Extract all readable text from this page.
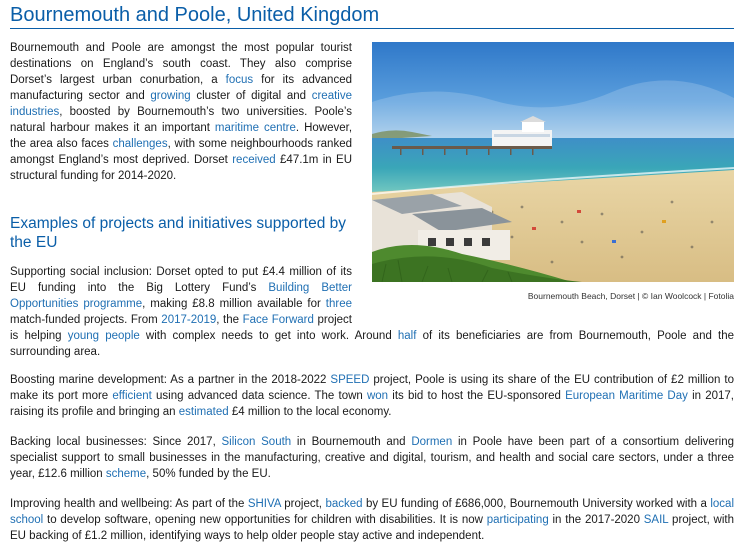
Bournemouth and Poole, United Kingdom

Bournemouth and Poole are amongst the most popular tourist destinations on England’s south coast. They also comprise Dorset’s largest urban conurbation, a focus for its advanced manufacturing sector and growing cluster of digital and creative industries, boosted by Bournemouth’s two universities. Poole’s natural harbour makes it an important maritime centre. However, the area also faces challenges, with some neighbourhoods ranked amongst England’s most deprived. Dorset received £47.1m in EU structural funding for 2014-2020.

Bournemouth Beach, Dorset | © Ian Woolcock | Fotolia
Examples of projects and initiatives supported by the EU

Supporting social inclusion: Dorset opted to put £4.4 million of its EU funding into the Big Lottery Fund’s Building Better Opportunities programme, making £8.8 million available for three match-funded projects. From 2017-2019, the Face Forward project is helping young people with complex needs to get into work. Around half of its beneficiaries are from Bournemouth, Poole and the surrounding area.

Boosting marine development: As a partner in the 2018-2022 SPEED project, Poole is using its share of the EU contribution of £2 million to make its port more efficient using advanced data science. The town won its bid to host the EU-sponsored European Maritime Day in 2017, raising its profile and bringing an estimated £4 million to the local economy.

Backing local businesses: Since 2017, Silicon South in Bournemouth and Dormen in Poole have been part of a consortium delivering specialist support to small businesses in the manufacturing, creative and digital, tourism, and health and social care sectors, under a three year, £12.6 million scheme, 50% funded by the EU.

Improving health and wellbeing: As part of the SHIVA project, backed by EU funding of £686,000, Bournemouth University worked with a local school to develop software, opening new opportunities for children with disabilities. It is now participating in the 2017-2020 SAIL project, with EU backing of £1.2 million, identifying ways to help older people stay active and independent.
